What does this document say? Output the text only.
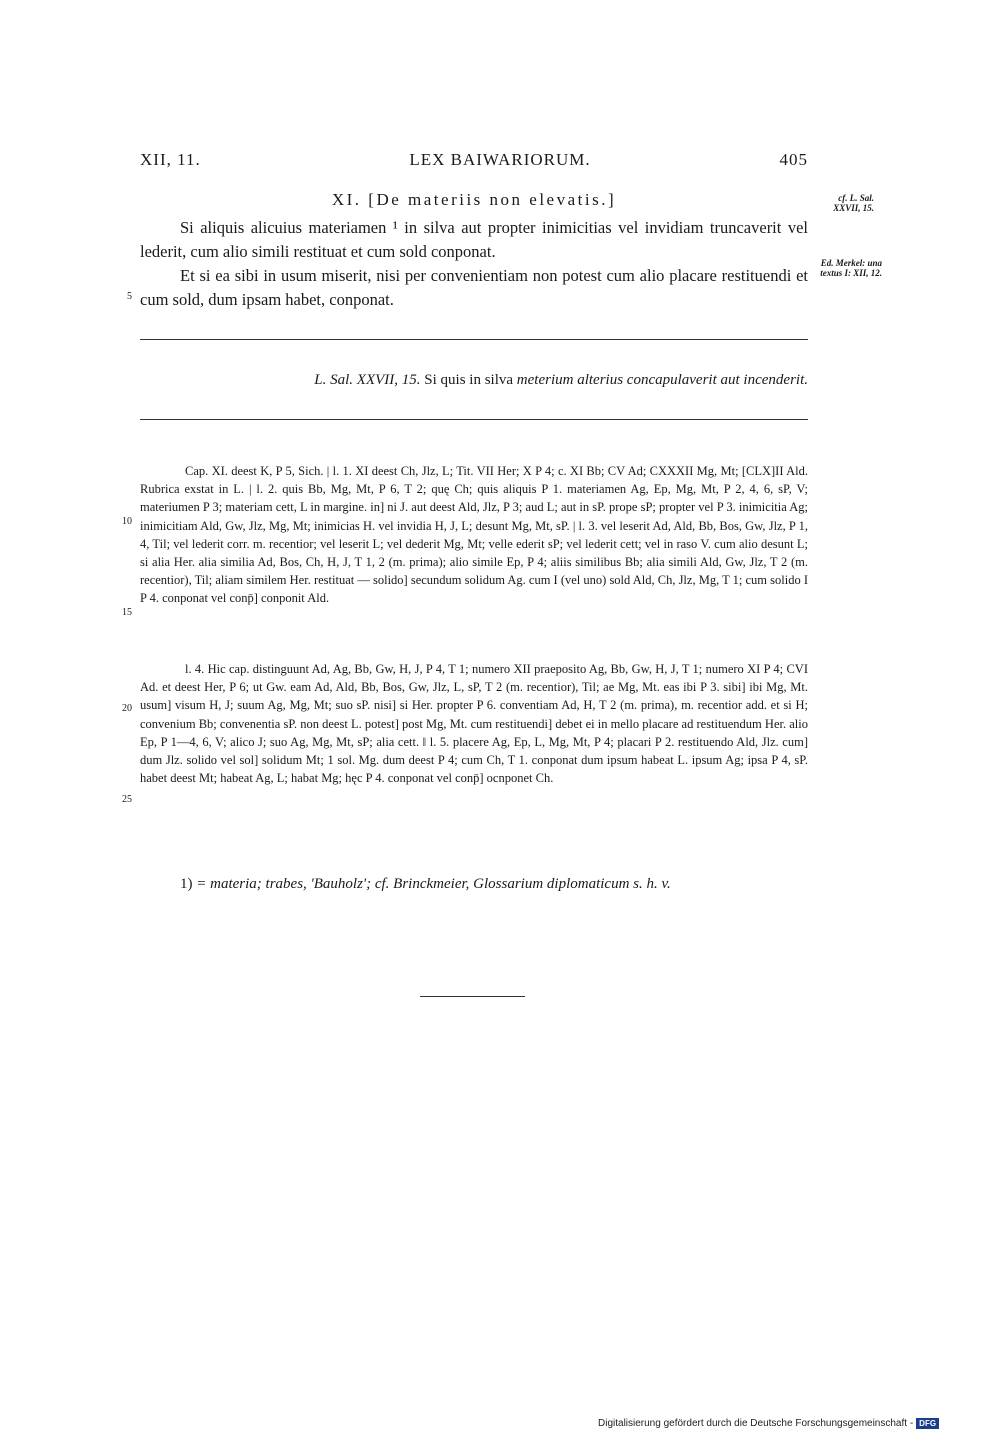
XII, 11.	LEX BAIWARIORUM.	405
XI. [De materiis non elevatis.]	cf. L. Sal. XXVII, 15.
Ed. Merkel: una textus I: XII, 12.
Si aliquis alicuius materiamen ¹ in silva aut propter inimicitias vel invidiam truncaverit vel lederit, cum alio simili restituat et cum sold conponat.
Et si ea sibi in usum miserit, nisi per convenientiam non potest cum alio placare restituendi et cum sold, dum ipsam habet, conponat.
5
L. Sal. XXVII, 15. Si quis in silva meterium alterius concapulaverit aut incenderit.
Cap. XI. deest K, P 5, Sich. | l. 1. XI deest Ch, Jlz, L; Tit. VII Her; X P 4; c. XI Bb; CV Ad; CXXXII Mg, Mt; [CLX]II Ald. Rubrica exstat in L. | l. 2. quis Bb, Mg, Mt, P 6, T 2; quę Ch; quis aliquis P 1. materiamen Ag, Ep, Mg, Mt, P 2, 4, 6, sP, V; materiumen P 3; materiam cett, L in margine. in] ni J. aut deest Ald, Jlz, P 3; aud L; aut in sP. prope sP; propter vel P 3. inimicitia Ag; inimicitiam Ald, Gw, Jlz, Mg, Mt; inimicias H. vel invidia H, J, L; desunt Mg, Mt, sP. | l. 3. vel leserit Ad, Ald, Bb, Bos, Gw, Jlz, P 1, 4, Til; vel lederit corr. m. recentior; vel leserit L; vel dederit Mg, Mt; velle ederit sP; vel lederit cett; vel in raso V. cum alio desunt L; si alia Her. alia similia Ad, Bos, Ch, H, J, T 1, 2 (m. prima); alio simile Ep, P 4; aliis similibus Bb; alia simili Ald, Gw, Jlz, T 2 (m. recentior), Til; aliam similem Her. restituat — solido] secundum solidum Ag. cum I (vel uno) sold Ald, Ch, Jlz, Mg, T 1; cum solido I P 4. conponat vel conp̄] conponit Ald.
l. 4. Hic cap. distinguunt Ad, Ag, Bb, Gw, H, J, P 4, T 1; numero XII praeposito Ag, Bb, Gw, H, J, T 1; numero XI P 4; CVI Ad. et deest Her, P 6; ut Gw. eam Ad, Ald, Bb, Bos, Gw, Jlz, L, sP, T 2 (m. recentior), Til; ae Mg, Mt. eas ibi P 3. sibi] ibi Mg, Mt. usum] visum H, J; suum Ag, Mg, Mt; suo sP. nisi] si Her. propter P 6. conventiam Ad, H, T 2 (m. prima), m. recentior add. et si H; convenium Bb; convenentia sP. non deest L. potest] post Mg, Mt. cum restituendi] debet ei in mello placare ad restituendum Her. alio Ep, P 1—4, 6, V; alico J; suo Ag, Mg, Mt, sP; alia cett. ‖ l. 5. placere Ag, Ep, L, Mg, Mt, P 4; placari P 2. restituendo Ald, Jlz. cum] dum Jlz. solido vel sol] solidum Mt; 1 sol. Mg. dum deest P 4; cum Ch, T 1. conponat dum ipsum habeat L. ipsum Ag; ipsa P 4, sP. habet deest Mt; habeat Ag, L; habat Mg; hęc P 4. conponat vel conp̄] ocnponet Ch.
10
15
20
25
1) = materia; trabes, 'Bauholz'; cf. Brinckmeier, Glossarium diplomaticum s. h. v.
Digitalisierung gefördert durch die Deutsche Forschungsgemeinschaft - DFG
